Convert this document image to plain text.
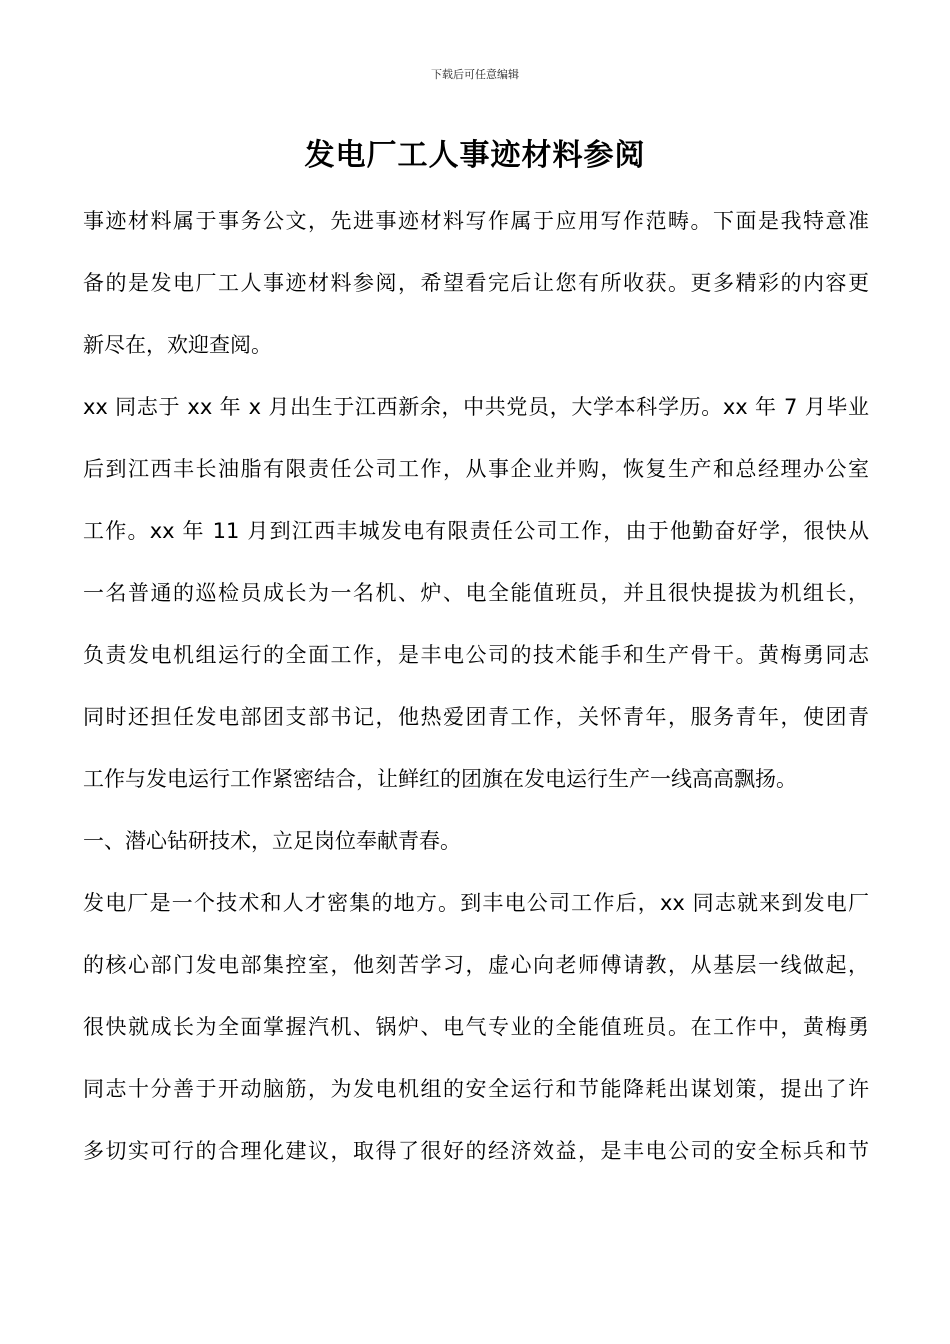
下载后可任意编辑
发电厂工人事迹材料参阅
事迹材料属于事务公文，先进事迹材料写作属于应用写作范畴。下面是我特意准
备的是发电厂工人事迹材料参阅，希望看完后让您有所收获。更多精彩的内容更
新尽在，欢迎查阅。
xx 同志于 xx 年 x 月出生于江西新余，中共党员，大学本科学历。xx 年 7 月毕业
后到江西丰长油脂有限责任公司工作，从事企业并购，恢复生产和总经理办公室
工作。xx 年 11 月到江西丰城发电有限责任公司工作，由于他勤奋好学，很快从
一名普通的巡检员成长为一名机、炉、电全能值班员，并且很快提拔为机组长，
负责发电机组运行的全面工作，是丰电公司的技术能手和生产骨干。黄梅勇同志
同时还担任发电部团支部书记，他热爱团青工作，关怀青年，服务青年，使团青
工作与发电运行工作紧密结合，让鲜红的团旗在发电运行生产一线高高飘扬。
一、潜心钻研技术，立足岗位奉献青春。
发电厂是一个技术和人才密集的地方。到丰电公司工作后，xx 同志就来到发电厂
的核心部门发电部集控室，他刻苦学习，虚心向老师傅请教，从基层一线做起，
很快就成长为全面掌握汽机、锅炉、电气专业的全能值班员。在工作中，黄梅勇
同志十分善于开动脑筋，为发电机组的安全运行和节能降耗出谋划策，提出了许
多切实可行的合理化建议，取得了很好的经济效益，是丰电公司的安全标兵和节
